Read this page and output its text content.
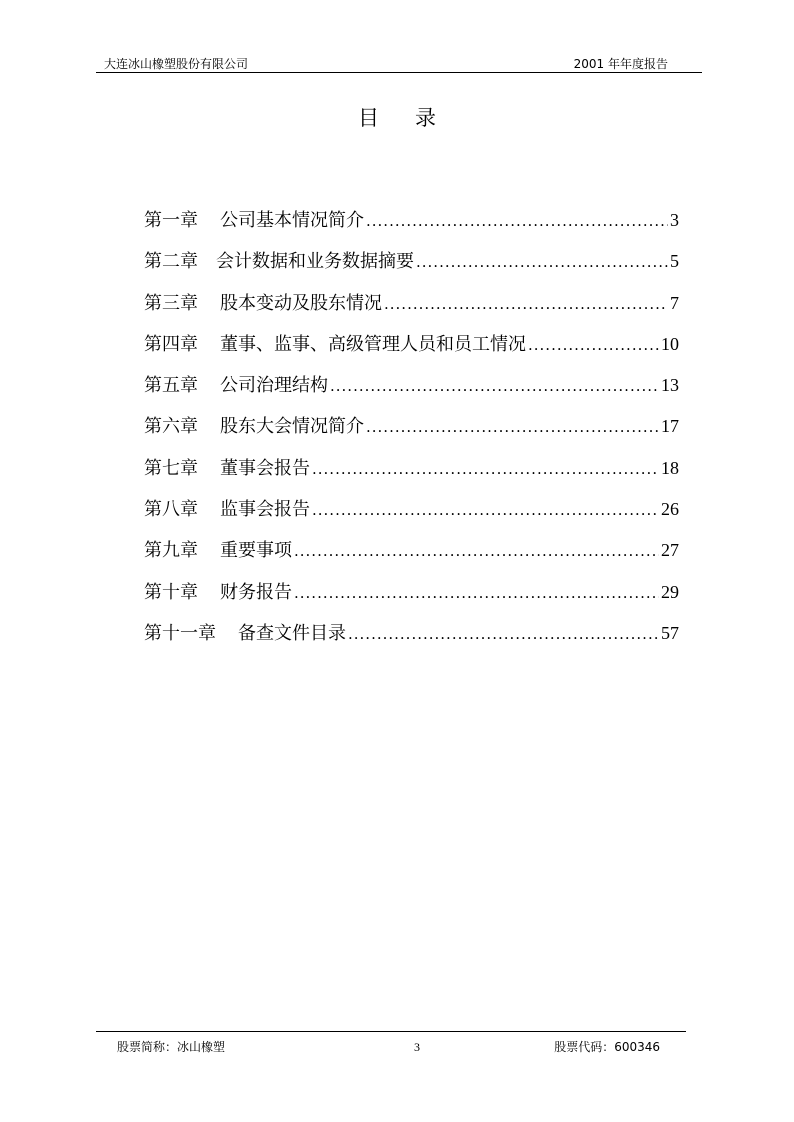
大连冰山橡塑股份有限公司	2001 年年度报告
目录
第一章	公司基本情况简介 .....	3
第二章	会计数据和业务数据摘要 .....	5
第三章	股本变动及股东情况 .....	7
第四章	董事、监事、高级管理人员和员工情况 .....	10
第五章	公司治理结构 .....	13
第六章	股东大会情况简介 .....	17
第七章	董事会报告 .....	18
第八章	监事会报告 .....	26
第九章	重要事项 .....	27
第十章	财务报告 .....	29
第十一章	备查文件目录 .....	57
股票简称：冰山橡塑	3	股票代码：600346
